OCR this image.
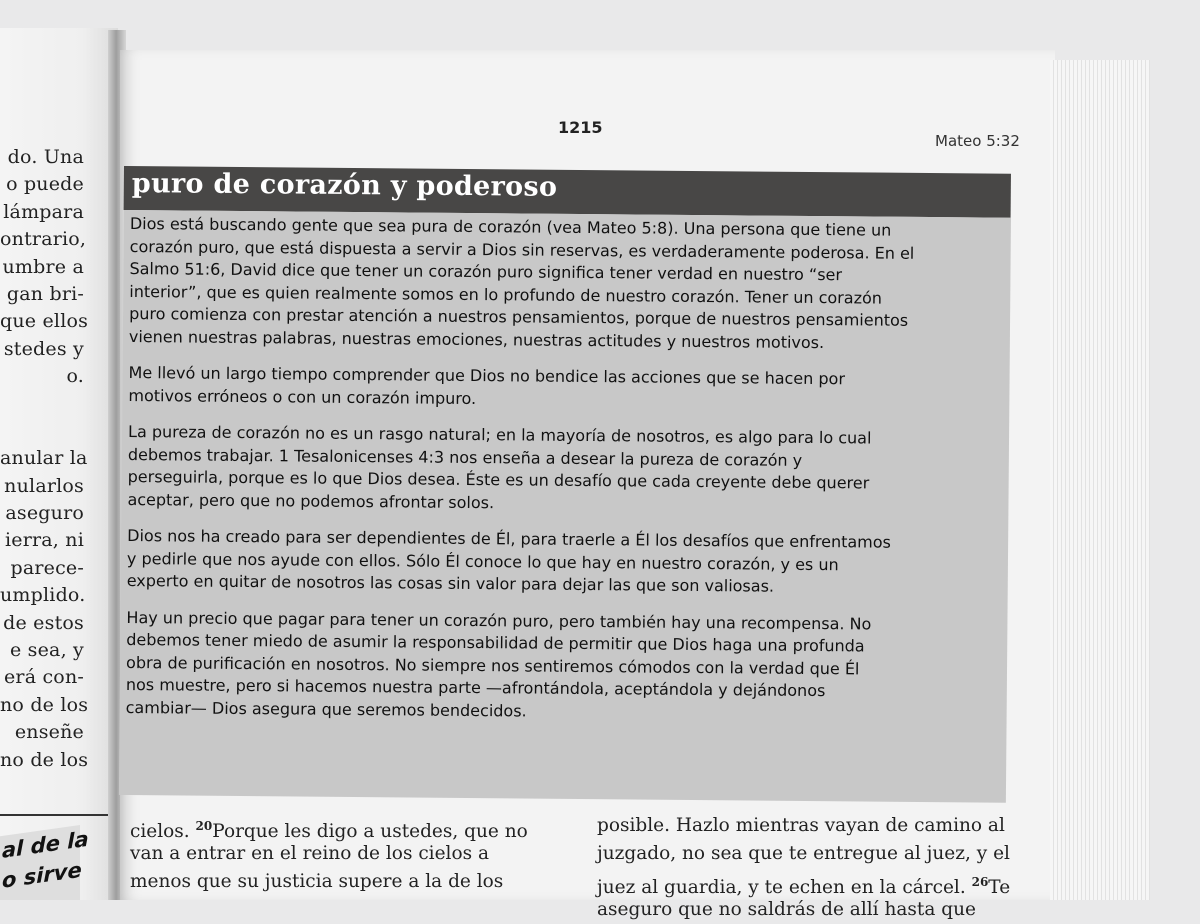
do. Una
o puede
lámpara
ontrario,
umbre a
gan bri-
que ellos
stedes y
o.
anular la
nularlos
aseguro
ierra, ni
parece-
umplido.
de estos
e sea, y
erá con-
no de los
enseñe
no de los
al de la
o sirve
1215
Mateo 5:32
puro de corazón y poderoso
Dios está buscando gente que sea pura de corazón (vea Mateo 5:8). Una persona que tiene un
corazón puro, que está dispuesta a servir a Dios sin reservas, es verdaderamente poderosa. En el
Salmo 51:6, David dice que tener un corazón puro significa tener verdad en nuestro “ser
interior”, que es quien realmente somos en lo profundo de nuestro corazón. Tener un corazón
puro comienza con prestar atención a nuestros pensamientos, porque de nuestros pensamientos
vienen nuestras palabras, nuestras emociones, nuestras actitudes y nuestros motivos.
Me llevó un largo tiempo comprender que Dios no bendice las acciones que se hacen por
motivos erróneos o con un corazón impuro.
La pureza de corazón no es un rasgo natural; en la mayoría de nosotros, es algo para lo cual
debemos trabajar. 1 Tesalonicenses 4:3 nos enseña a desear la pureza de corazón y
perseguirla, porque es lo que Dios desea. Éste es un desafío que cada creyente debe querer
aceptar, pero que no podemos afrontar solos.
Dios nos ha creado para ser dependientes de Él, para traerle a Él los desafíos que enfrentamos
y pedirle que nos ayude con ellos. Sólo Él conoce lo que hay en nuestro corazón, y es un
experto en quitar de nosotros las cosas sin valor para dejar las que son valiosas.
Hay un precio que pagar para tener un corazón puro, pero también hay una recompensa. No
debemos tener miedo de asumir la responsabilidad de permitir que Dios haga una profunda
obra de purificación en nosotros. No siempre nos sentiremos cómodos con la verdad que Él
nos muestre, pero si hacemos nuestra parte —afrontándola, aceptándola y dejándonos
cambiar— Dios asegura que seremos bendecidos.
cielos. $^{20}$Porque les digo a ustedes, que no
van a entrar en el reino de los cielos a
menos que su justicia supere a la de los
posible. Hazlo mientras vayan de camino al
juzgado, no sea que te entregue al juez, y el
juez al guardia, y te echen en la cárcel. $^{26}$Te
aseguro que no saldrás de allí hasta que
